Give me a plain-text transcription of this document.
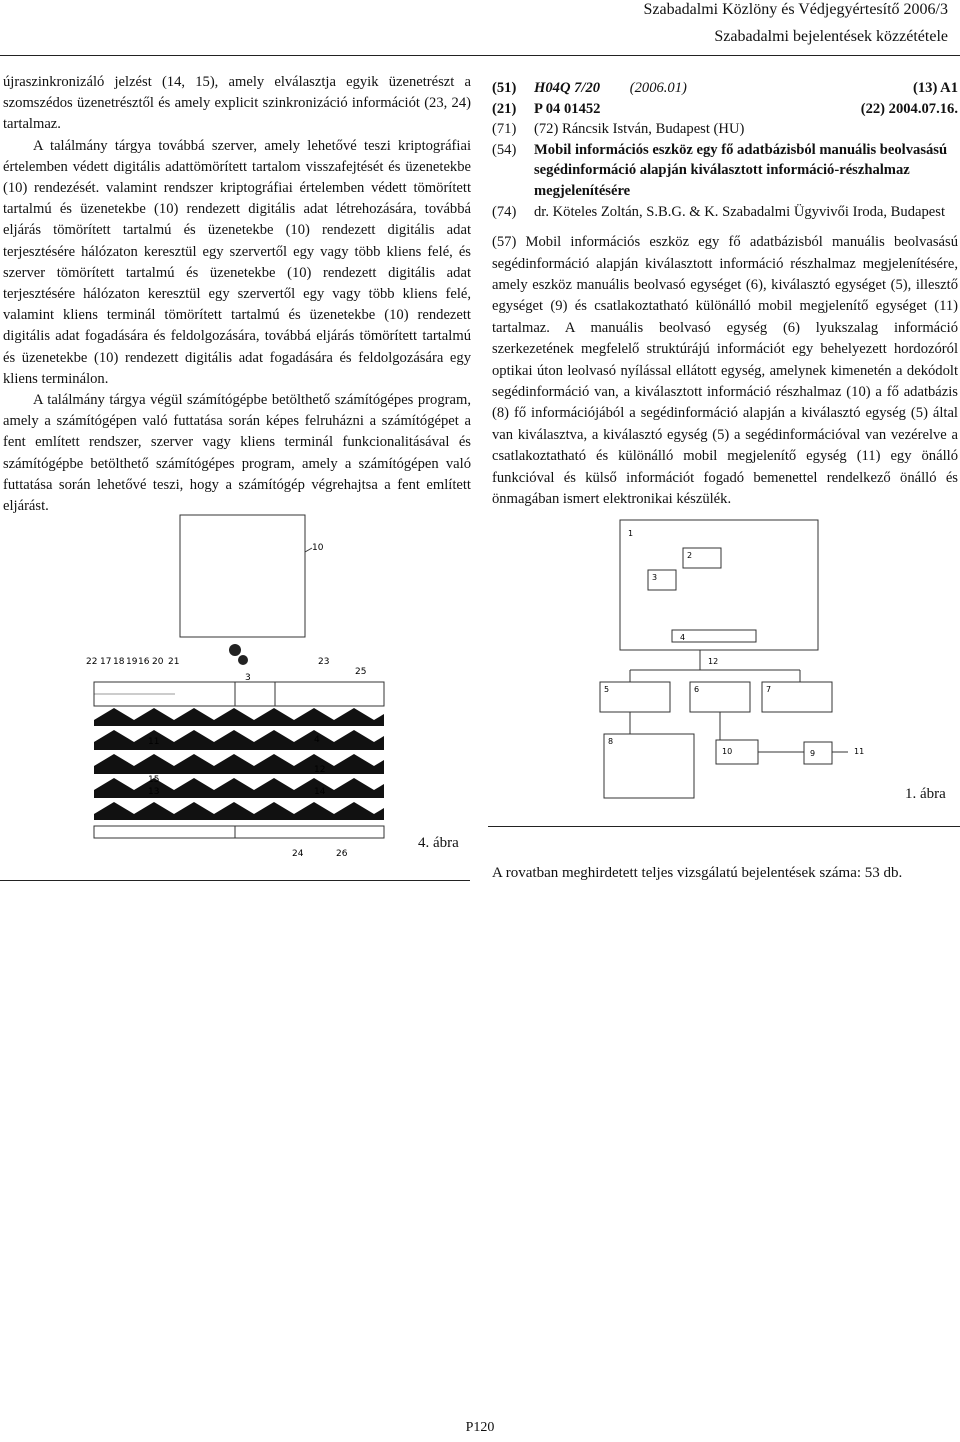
Szabadalmi Közlöny és Védjegyértesítő 2006/3
Szabadalmi bejelentések közzététele

újraszinkronizáló jelzést (14, 15), amely elválasztja egyik üzenetrészt a szomszédos üzenetrésztől és amely explicit szinkronizáció információt (23, 24) tartalmaz.

A találmány tárgya továbbá szerver, amely lehetővé teszi kriptográfiai értelemben védett digitális adattömörített tartalom visszafejtését és üzenetekbe (10) rendezését. valamint rendszer kriptográfiai értelemben védett tömörített tartalmú és üzenetekbe (10) rendezett digitális adat létrehozására, továbbá eljárás tömörített tartalmú és üzenetekbe (10) rendezett digitális adat terjesztésére hálózaton keresztül egy szervertől egy vagy több kliens felé, és szerver tömörített tartalmú és üzenetekbe (10) rendezett digitális adat terjesztésére hálózaton keresztül egy szervertől egy vagy több kliens felé, valamint kliens terminál tömörített tartalmú és üzenetekbe (10) rendezett digitális adat fogadására és feldolgozására, továbbá eljárás tömörített tartalmú és üzenetekbe (10) rendezett digitális adat fogadására és feldolgozására egy kliens terminálon.

A találmány tárgya végül számítógépbe betölthető számítógépes program, amely a számítógépen való futtatása során képes felruházni a számítógépet a fent említett rendszer, szerver vagy kliens terminál funkcionalitásával és számítógépbe betölthető számítógépes program, amely a számítógépen való futtatása során lehetővé teszi, hogy a számítógép végrehajtsa a fent említett eljárást.

(51)	H04Q 7/20 (2006.01)	(13) A1
(21)	P 04 01452	(22) 2004.07.16.
(71)	(72) Ráncsik István, Budapest (HU)
(54)	Mobil információs eszköz egy fő adatbázisból manuális beolvasású segédinformáció alapján kiválasztott információ-részhalmaz megjelenítésére
(74)	dr. Köteles Zoltán, S.B.G. & K. Szabadalmi Ügyvivői Iroda, Budapest
(57) Mobil információs eszköz egy fő adatbázisból manuális beolvasású segédinformáció alapján kiválasztott információ részhalmaz megjelenítésére, amely eszköz manuális beolvasó egységet (6), kiválasztó egységet (5), illesztő egységet (9) és csatlakoztatható különálló mobil megjelenítő egységet (11) tartalmaz. A manuális beolvasó egység (6) lyukszalag információ szerkezetének megfelelő struktúrájú információt egy behelyezett hordozóról optikai úton leolvasó nyílással ellátott egység, amelynek kimenetén a dekódolt segédinformáció van, a kiválasztott információ részhalmaz (10) a fő adatbázis (8) fő információjából a segédinformáció alapján a kiválasztó egység (5) által van kiválasztva, a kiválasztó egység (5) a segédinformációval van vezérelve a csatlakoztatható és különálló mobil megjelenítő egység (11) egy önálló funkcióval és külső információt fogadó bemenettel rendelkező önálló és önmagában ismert elektronikai készülék.
10
22 17 18 19 16 20 21	23
25
3
11	4
12
15
13	14
24	26
4. ábra
1
2
3
4
12
5	6	7
8
10	9	11
1. ábra
A rovatban meghirdetett teljes vizsgálatú bejelentések száma: 53 db.
P120
